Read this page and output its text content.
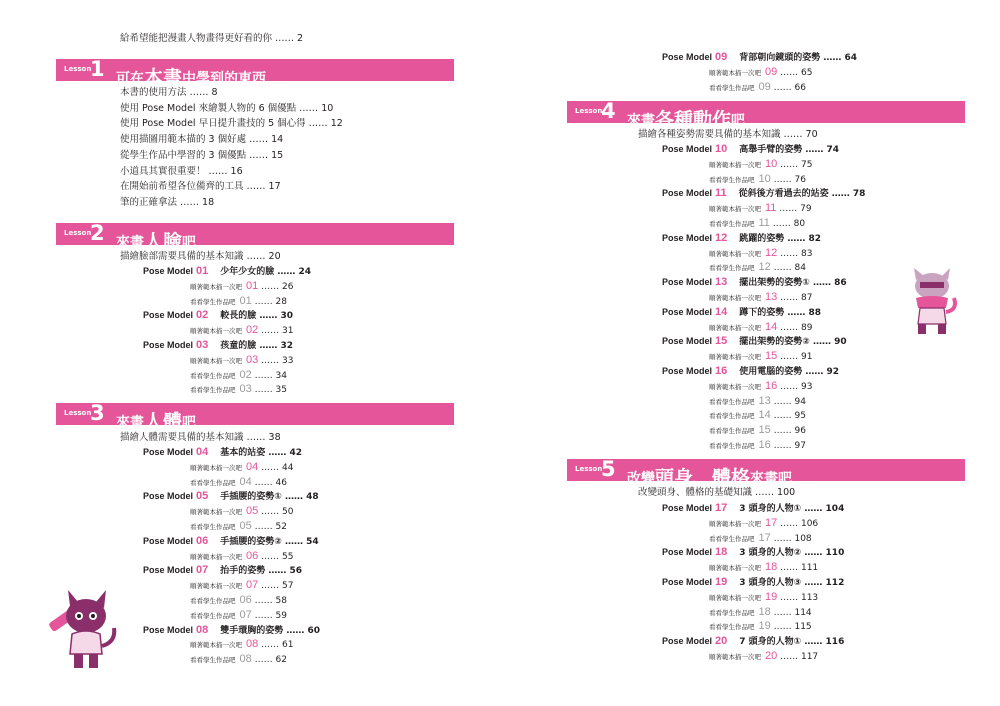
給希望能把漫畫人物畫得更好看的你 …… 2
Lesson
1 可在本書中學到的東西
本書的使用方法 …… 8
使用 Pose Model 來繪製人物的 6 個優點 …… 10
使用 Pose Model 早日提升畫技的 5 個心得 …… 12
使用描圖用範本描的 3 個好處 …… 14
從學生作品中學習的 3 個優點 …… 15
小道具其實很重要！ …… 16
在開始前希望各位備齊的工具 …… 17
筆的正確拿法 …… 18
Lesson
2 來畫人臉吧
描繪臉部需要具備的基本知識 …… 20
Pose Model 01 少年少女的臉 …… 24
順著範本描一次吧 01 …… 26
看看學生作品吧 01 …… 28
Pose Model 02 較長的臉 …… 30
順著範本描一次吧 02 …… 31
Pose Model 03 孩童的臉 …… 32
順著範本描一次吧 03 …… 33
看看學生作品吧 02 …… 34
看看學生作品吧 03 …… 35
Lesson
3 來畫人體吧
描繪人體需要具備的基本知識 …… 38
Pose Model 04 基本的站姿 …… 42
順著範本描一次吧 04 …… 44
看看學生作品吧 04 …… 46
Pose Model 05 手插腰的姿勢① …… 48
順著範本描一次吧 05 …… 50
看看學生作品吧 05 …… 52
Pose Model 06 手插腰的姿勢② …… 54
順著範本描一次吧 06 …… 55
Pose Model 07 抬手的姿勢 …… 56
順著範本描一次吧 07 …… 57
看看學生作品吧 06 …… 58
看看學生作品吧 07 …… 59
Pose Model 08 雙手環胸的姿勢 …… 60
順著範本描一次吧 08 …… 61
看看學生作品吧 08 …… 62
Pose Model 09 背部朝向鏡頭的姿勢 …… 64
順著範本描一次吧 09 …… 65
看看學生作品吧 09 …… 66
Lesson
4 來畫各種動作吧
描繪各種姿勢需要具備的基本知識 …… 70
Pose Model 10 高舉手臂的姿勢 …… 74
順著範本描一次吧 10 …… 75
看看學生作品吧 10 …… 76
Pose Model 11 從斜後方看過去的站姿 …… 78
順著範本描一次吧 11 …… 79
看看學生作品吧 11 …… 80
Pose Model 12 跳躍的姿勢 …… 82
順著範本描一次吧 12 …… 83
看看學生作品吧 12 …… 84
Pose Model 13 擺出架勢的姿勢① …… 86
順著範本描一次吧 13 …… 87
Pose Model 14 蹲下的姿勢 …… 88
順著範本描一次吧 14 …… 89
Pose Model 15 擺出架勢的姿勢② …… 90
順著範本描一次吧 15 …… 91
Pose Model 16 使用電腦的姿勢 …… 92
順著範本描一次吧 16 …… 93
看看學生作品吧 13 …… 94
看看學生作品吧 14 …… 95
看看學生作品吧 15 …… 96
看看學生作品吧 16 …… 97
Lesson
5 改變頭身、體格來畫吧
改變頭身、體格的基礎知識 …… 100
Pose Model 17 3 頭身的人物① …… 104
順著範本描一次吧 17 …… 106
看看學生作品吧 17 …… 108
Pose Model 18 3 頭身的人物② …… 110
順著範本描一次吧 18 …… 111
Pose Model 19 3 頭身的人物③ …… 112
順著範本描一次吧 19 …… 113
看看學生作品吧 18 …… 114
看看學生作品吧 19 …… 115
Pose Model 20 7 頭身的人物① …… 116
順著範本描一次吧 20 …… 117
